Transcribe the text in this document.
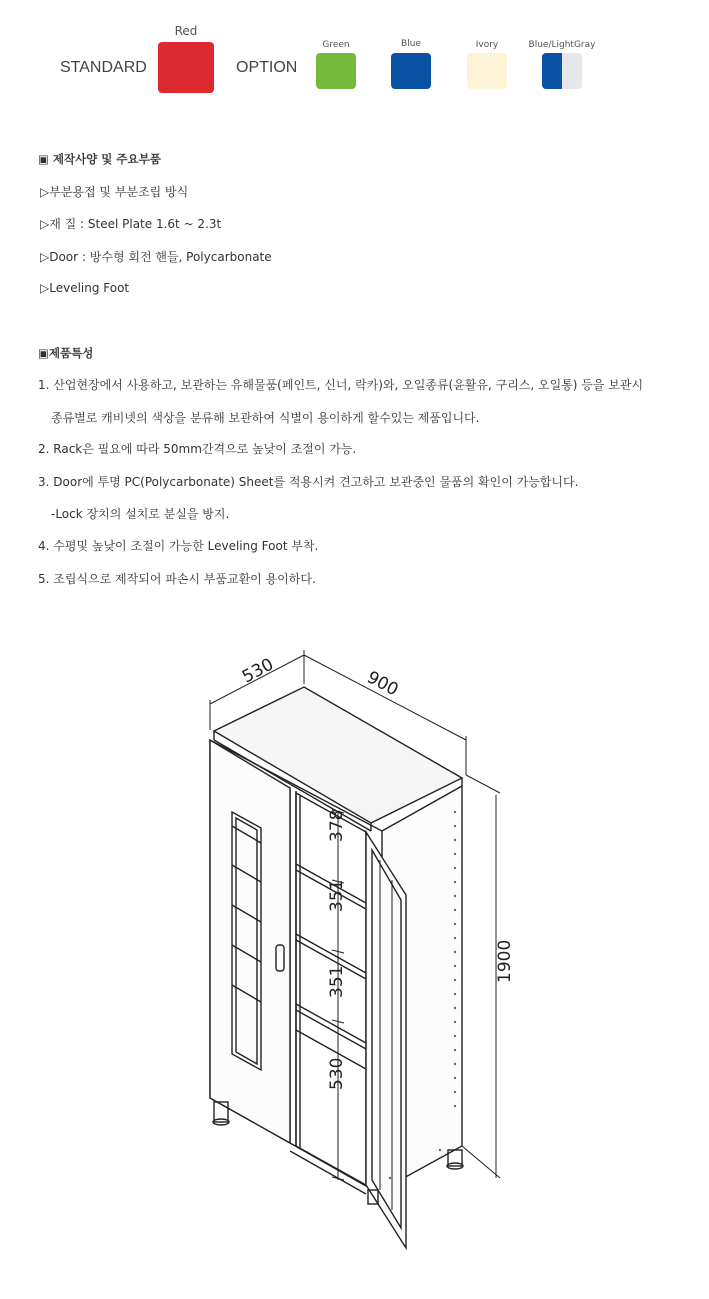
STANDARD
Red
OPTION
Green	Blue	Ivory	Blue/LightGray
▣ 제작사양 및 주요부품
▷부분용접 및 부분조립 방식
▷재 질 : Steel Plate 1.6t ~ 2.3t
▷Door : 방수형 회전 핸들, Polycarbonate
▷Leveling Foot
▣제품특성
1. 산업현장에서 사용하고, 보관하는 유해물품(페인트, 신너, 락카)와, 오일종류(윤활유, 구리스, 오일통) 등을 보관시
종류별로 캐비넷의 색상을 분류해 보관하여 식별이 용이하게 할수있는 제품입니다.
2. Rack은 필요에 따라 50mm간격으로 높낮이 조절이 가능.
3. Door에 투명 PC(Polycarbonate) Sheet를 적용시켜 견고하고 보관중인 물품의 확인이 가능합니다.
-Lock 장치의 설치로 분실을 방지.
4. 수평및 높낮이 조절이 가능한 Leveling Foot 부착.
5. 조립식으로 제작되어 파손시 부품교환이 용이하다.
530	900
1900
378
351
351
530
